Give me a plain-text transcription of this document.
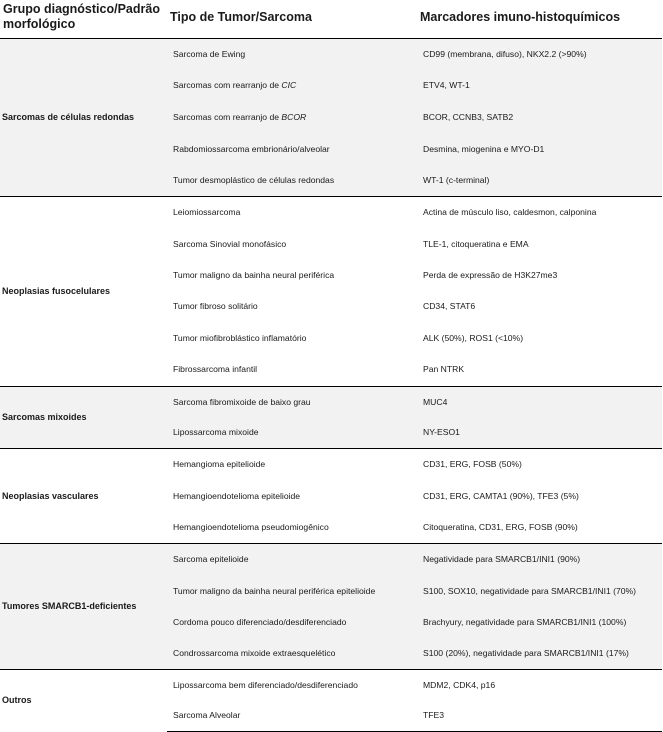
Grupo diagnóstico/Padrão morfológico	Tipo de Tumor/Sarcoma	Marcadores imuno-histoquímicos
Sarcomas de células redondas	Sarcoma de Ewing	CD99 (membrana, difuso), NKX2.2 (>90%)
	Sarcomas com rearranjo de CIC	ETV4, WT-1
	Sarcomas com rearranjo de BCOR	BCOR, CCNB3, SATB2
	Rabdomiossarcoma embrionário/alveolar	Desmina, miogenina e MYO-D1
	Tumor desmoplástico de células redondas	WT-1 (c-terminal)
Neoplasias fusocelulares	Leiomiossarcoma	Actina de músculo liso, caldesmon, calponina
	Sarcoma Sinovial monofásico	TLE-1, citoqueratina e EMA
	Tumor maligno da bainha neural periférica	Perda de expressão de H3K27me3
	Tumor fibroso solitário	CD34, STAT6
	Tumor miofibroblástico inflamatório	ALK (50%), ROS1 (<10%)
	Fibrossarcoma infantil	Pan NTRK
Sarcomas mixoides	Sarcoma fibromixoide de baixo grau	MUC4
	Lipossarcoma mixoide	NY-ESO1
Neoplasias vasculares	Hemangioma epitelioide	CD31, ERG, FOSB (50%)
	Hemangioendotelioma epitelioide	CD31, ERG, CAMTA1 (90%), TFE3 (5%)
	Hemangioendotelioma pseudomiogênico	Citoqueratina, CD31, ERG, FOSB (90%)
Tumores SMARCB1-deficientes	Sarcoma epitelioide	Negatividade para SMARCB1/INI1 (90%)
	Tumor maligno da bainha neural periférica epitelioide	S100, SOX10, negatividade para SMARCB1/INI1 (70%)
	Cordoma pouco diferenciado/desdiferenciado	Brachyury, negatividade para SMARCB1/INI1 (100%)
	Condrossarcoma mixoide extraesquelético	S100 (20%), negatividade para SMARCB1/INI1 (17%)
Outros	Lipossarcoma bem diferenciado/desdiferenciado	MDM2, CDK4, p16
	Sarcoma Alveolar	TFE3
